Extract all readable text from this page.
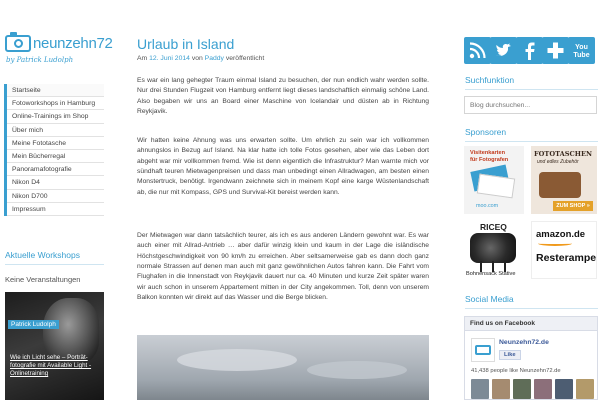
neunzehn72
by Patrick Ludolph
Startseite
Fotoworkshops in Hamburg
Online-Trainings im Shop
Über mich
Meine Fototasche
Mein Bücherregal
Panoramafotografie
Nikon D4
Nikon D700
Impressum
Aktuelle Workshops
Keine Veranstaltungen
Patrick Ludolph
Wie ich Licht sehe – Porträt-fotografie mit Available Light - Onlinetraining
Urlaub in Island
Am 12. Juni 2014 von Paddy veröffentlicht

Es war ein lang gehegter Traum einmal Island zu besuchen, der nun endlich wahr werden sollte. Nur drei Stunden Flugzeit von Hamburg entfernt liegt dieses landschaftlich einmalig schöne Land. Also begaben wir uns an Board einer Maschine von Icelandair und düsten ab in Richtung Reykjavik.

Wir hatten keine Ahnung was uns erwarten sollte. Um ehrlich zu sein war ich vollkommen ahnungslos in Bezug auf Island. Na klar hatte ich tolle Fotos gesehen, aber wie das Leben dort abgeht war mir vollkommen fremd. Wie ist denn eigentlich die Infrastruktur? Man warnte mich vor sündhaft teuren Mietwagenpreisen und dass man unbedingt einen Allradwagen, am besten einen Monstertruck, benötigt. Irgendwann zeichnete sich in meinem Kopf eine karge Wüstenlandschaft ab, die nur mit Kompass, GPS und Survival-Kit bereist werden kann.

Der Mietwagen war dann tatsächlich teurer, als ich es aus anderen Ländern gewohnt war. Es war auch einer mit Allrad-Antrieb … aber dafür winzig klein und kaum in der Lage die isländische Höchstgeschwindigkeit von 90 km/h zu erreichen. Aber seltsamerweise gab es dann doch ganz normale Strassen auf denen man auch mit ganz gewöhnlichen Autos fahren kann. Die Fahrt vom Flughafen in die Innenstadt von Reykjavik dauert nur ca. 40 Minuten und kurze Zeit später waren wir auch schon in unserem Appartement mitten in der City angekommen. Toll, denn von unserem Balkon konnten wir direkt auf das Wasser und die Berge blicken.

You
Tube
Suchfunktion
Blog durchsuchen...
Sponsoren
Visitenkarten
für Fotografen
moo.com
FOTOTASCHEN
und edles Zubehör
ZUM SHOP »
RICEQ
Bohnensack Stative
amazon.de
Resterampe
Social Media
Find us on Facebook
Neunzehn72.de
Like
41,438 people like Neunzehn72.de
